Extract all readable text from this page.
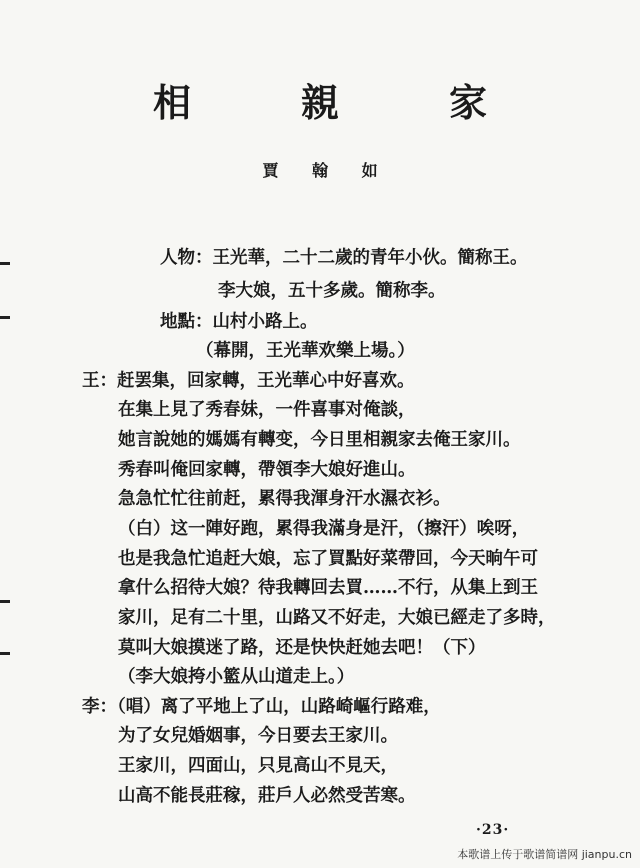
相　親　家
賈 翰 如
人物：王光華，二十二歲的青年小伙。簡称王。
李大娘，五十多歲。簡称李。
地點：山村小路上。
（幕開，王光華欢樂上場。）
王：赶罢集，回家轉，王光華心中好喜欢。
在集上見了秀春妹，一件喜事对俺談，
她言說她的媽媽有轉变，今日里相親家去俺王家川。
秀春叫俺回家轉，帶領李大娘好進山。
急急忙忙往前赶，累得我渾身汗水濕衣衫。
（白）这一陣好跑，累得我滿身是汗，（擦汗）唉呀，
也是我急忙追赶大娘，忘了買點好菜帶回，今天晌午可
拿什么招待大娘？待我轉回去買……不行，从集上到王
家川，足有二十里，山路又不好走，大娘已經走了多時，
莫叫大娘摸迷了路，还是快快赶她去吧！（下）
（李大娘挎小籃从山道走上。）
李：（唱）离了平地上了山，山路崎嶇行路难，
为了女兒婚姻事，今日要去王家川。
王家川，四面山，只見高山不見天，
山高不能長莊稼，莊戶人必然受苦寒。
·23·
本歌谱上传于歌谱简谱网 jianpu.cn
